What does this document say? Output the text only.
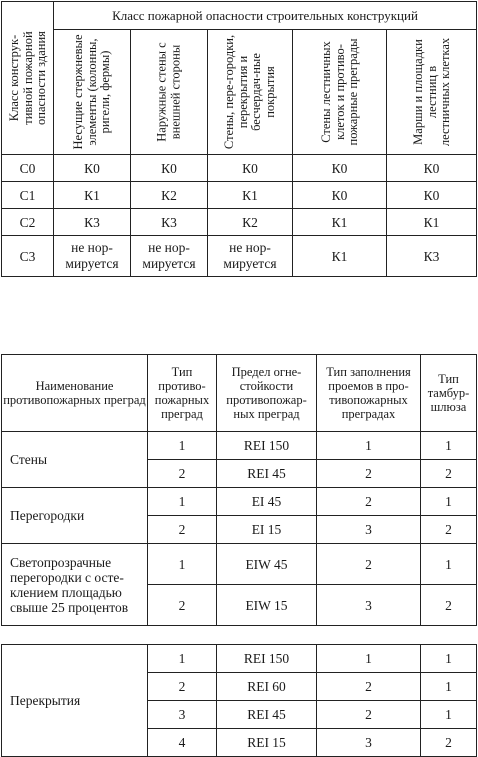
Класс конструк-тивной пожарной опасности здания	Класс пожарной опасности строительных конструкций				

	Несущие стержневые элементы (колонны, ригели, фермы)	Наружные стены с внешней стороны	Стены, пере-городки, перекрытия и бесчердач-ные покрытия	Стены лестничных клеток и противо-пожарные преграды	Марши и площадки лестниц в лестничных клетках

С0	К0	К0	К0	К0	К0
С1	К1	К2	К1	К0	К0
С2	К3	К3	К2	К1	К1
С3	не нор-мируется	не нор-мируется	не нор-мируется	К1	К3
Наименование противопожарных преград	Тип противо-пожарных преград	Предел огне-стойкости противопожар-ных преград	Тип заполнения проемов в про-тивопожарных преградах	Тип тамбур-шлюза
Стены	1	REI 150	1	1
	2	REI 45	2	2
Перегородки	1	EI 45	2	1
	2	EI 15	3	2
Светопрозрачные перегородки с осте-клением площадью свыше 25 процентов	1	EIW 45	2	1
	2	EIW 15	3	2

Перекрытия	1	REI 150	1	1
	2	REI 60	2	1
	3	REI 45	2	1
	4	REI 15	3	2
